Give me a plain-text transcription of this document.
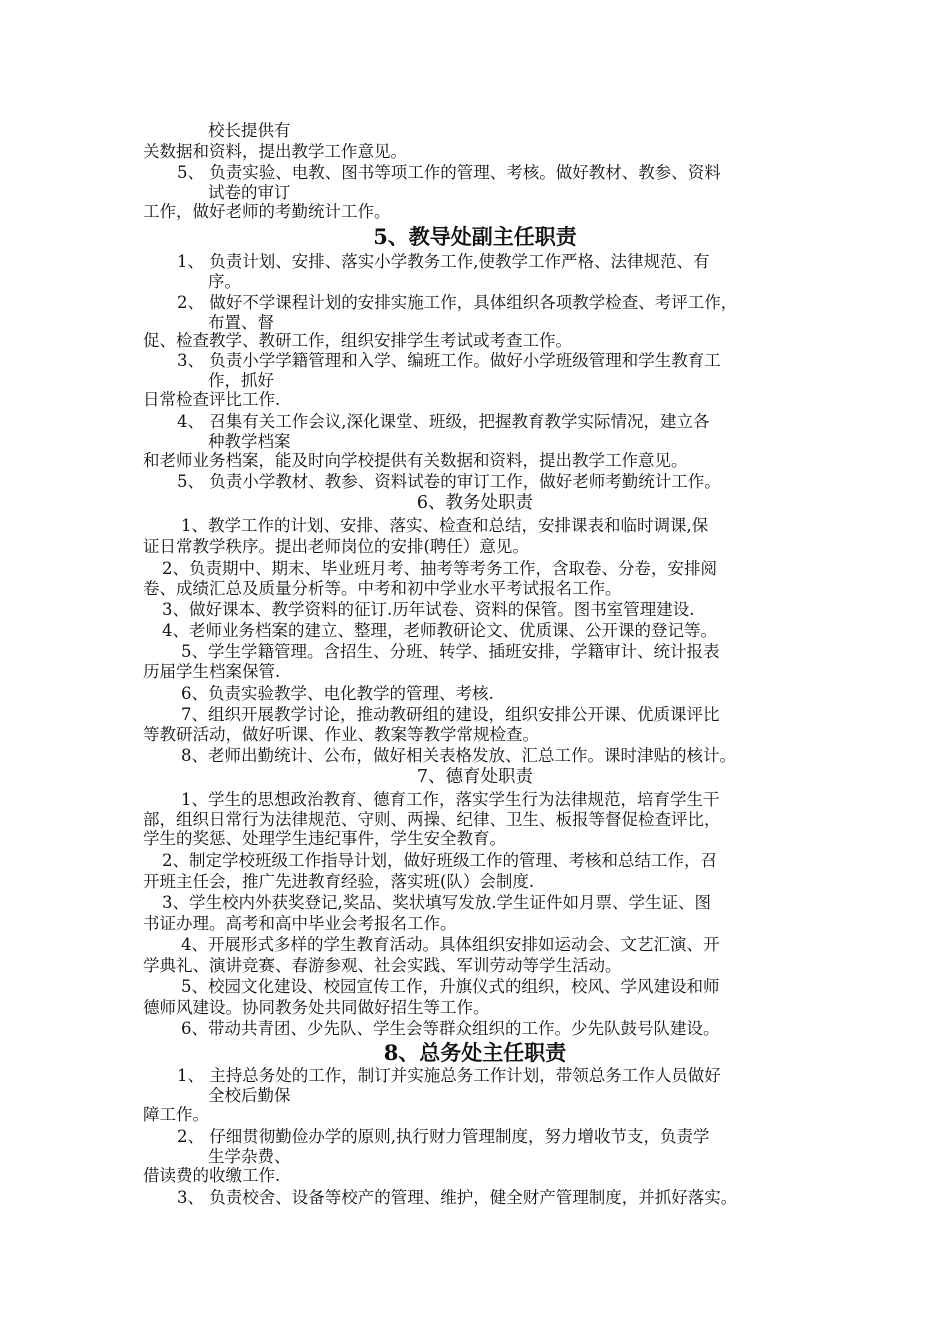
校长提供有
关数据和资料，提出教学工作意见。
5、 负责实验、电教、图书等项工作的管理、考核。做好教材、教参、资料
试卷的审订
工作，做好老师的考勤统计工作。
5、教导处副主任职责
1、 负责计划、安排、落实小学教务工作,使教学工作严格、法律规范、有
序。
2、 做好不学课程计划的安排实施工作，具体组织各项教学检查、考评工作，
布置、督
促、检查教学、教研工作，组织安排学生考试或考查工作。
3、 负责小学学籍管理和入学、编班工作。做好小学班级管理和学生教育工
作，抓好
日常检查评比工作.
4、 召集有关工作会议,深化课堂、班级，把握教育教学实际情况，建立各
种教学档案
和老师业务档案，能及时向学校提供有关数据和资料，提出教学工作意见。
5、 负责小学教材、教参、资料试卷的审订工作，做好老师考勤统计工作。
6、教务处职责
1、教学工作的计划、安排、落实、检查和总结，安排课表和临时调课,保
证日常教学秩序。提出老师岗位的安排(聘任）意见。
2、负责期中、期末、毕业班月考、抽考等考务工作，含取卷、分卷，安排阅
卷、成绩汇总及质量分析等。中考和初中学业水平考试报名工作。
3、做好课本、教学资料的征订.历年试卷、资料的保管。图书室管理建设.
4、老师业务档案的建立、整理，老师教研论文、优质课、公开课的登记等。
5、学生学籍管理。含招生、分班、转学、插班安排，学籍审计、统计报表
历届学生档案保管.
6、负责实验教学、电化教学的管理、考核.
7、组织开展教学讨论，推动教研组的建设，组织安排公开课、优质课评比
等教研活动，做好听课、作业、教案等教学常规检查。
8、老师出勤统计、公布，做好相关表格发放、汇总工作。课时津贴的核计。
7、德育处职责
1、学生的思想政治教育、德育工作，落实学生行为法律规范，培育学生干
部，组织日常行为法律规范、守则、两操、纪律、卫生、板报等督促检查评比，
学生的奖惩、处理学生违纪事件，学生安全教育。
2、制定学校班级工作指导计划，做好班级工作的管理、考核和总结工作，召
开班主任会，推广先进教育经验，落实班(队）会制度.
3、学生校内外获奖登记,奖品、奖状填写发放.学生证件如月票、学生证、图
书证办理。高考和高中毕业会考报名工作。
4、开展形式多样的学生教育活动。具体组织安排如运动会、文艺汇演、开
学典礼、演讲竞赛、春游参观、社会实践、军训劳动等学生活动。
5、校园文化建设、校园宣传工作，升旗仪式的组织，校风、学风建设和师
德师风建设。协同教务处共同做好招生等工作。
6、带动共青团、少先队、学生会等群众组织的工作。少先队鼓号队建设。
8、总务处主任职责
1、 主持总务处的工作，制订并实施总务工作计划，带领总务工作人员做好
全校后勤保
障工作。
2、 仔细贯彻勤俭办学的原则,执行财力管理制度，努力增收节支，负责学
生学杂费、
借读费的收缴工作.
3、 负责校舍、设备等校产的管理、维护，健全财产管理制度，并抓好落实。
